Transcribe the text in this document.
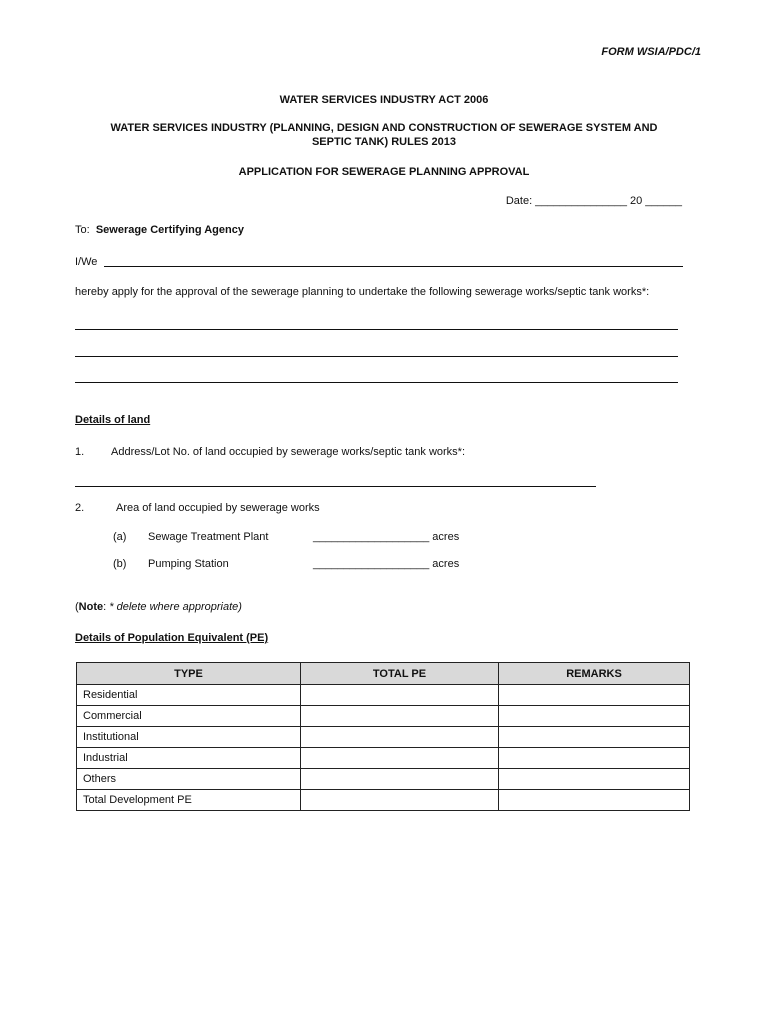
FORM WSIA/PDC/1
WATER SERVICES INDUSTRY ACT 2006
WATER SERVICES INDUSTRY (PLANNING, DESIGN AND CONSTRUCTION OF SEWERAGE SYSTEM AND
SEPTIC TANK) RULES 2013
APPLICATION FOR SEWERAGE PLANNING APPROVAL
Date: _______________ 20 ______
To: Sewerage Certifying Agency
I/We
hereby apply for the approval of the sewerage planning to undertake the following sewerage works/septic tank works*:
Details of land
1. Address/Lot No. of land occupied by sewerage works/septic tank works*:
2.	Area of land occupied by sewerage works
(a) Sewage Treatment Plant	___________________ acres
(b) Pumping Station	___________________ acres
(Note: * delete where appropriate)
Details of Population Equivalent (PE)
TYPE	TOTAL PE	REMARKS
Residential		
Commercial		
Institutional		
Industrial		
Others		
Total Development PE		
